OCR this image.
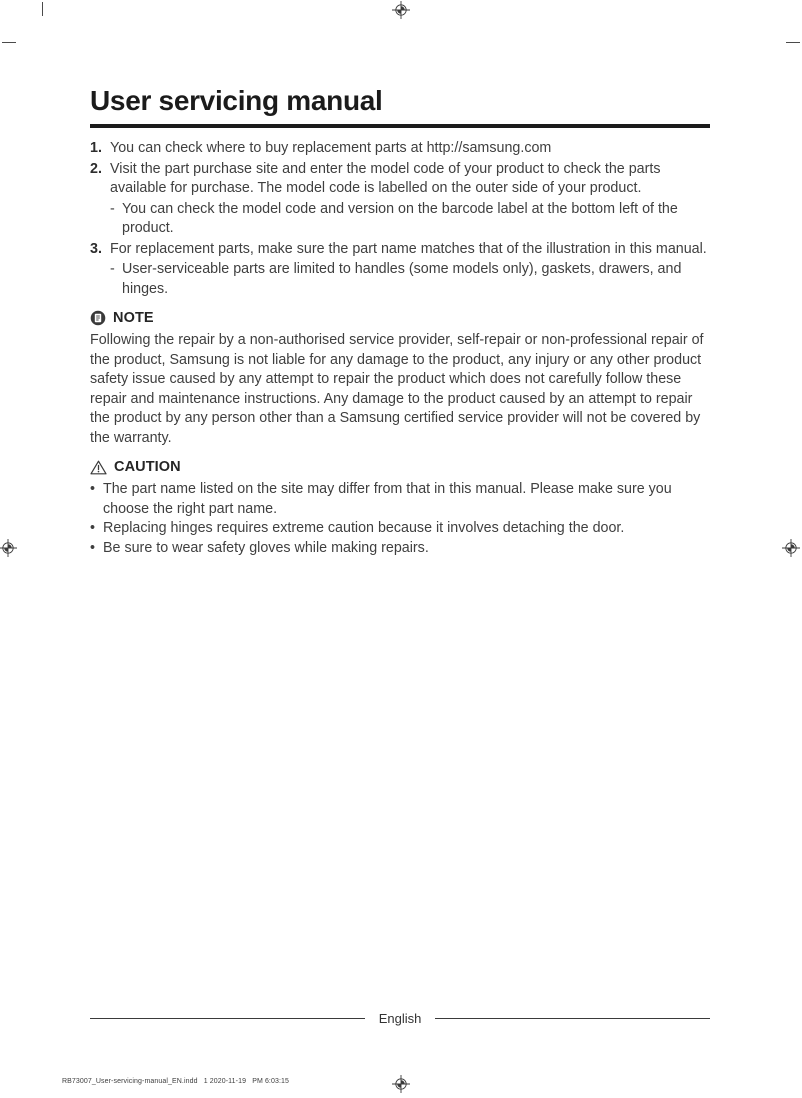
User servicing manual
1. You can check where to buy replacement parts at http://samsung.com
2. Visit the part purchase site and enter the model code of your product to check the parts available for purchase. The model code is labelled on the outer side of your product.
- You can check the model code and version on the barcode label at the bottom left of the product.
3. For replacement parts, make sure the part name matches that of the illustration in this manual.
- User-serviceable parts are limited to handles (some models only), gaskets, drawers, and hinges.
NOTE

Following the repair by a non-authorised service provider, self-repair or non-professional repair of the product, Samsung is not liable for any damage to the product, any injury or any other product safety issue caused by any attempt to repair the product which does not carefully follow these repair and maintenance instructions. Any damage to the product caused by an attempt to repair the product by any person other than a Samsung certified service provider will not be covered by the warranty.

CAUTION
• The part name listed on the site may differ from that in this manual. Please make sure you choose the right part name.
• Replacing hinges requires extreme caution because it involves detaching the door.
• Be sure to wear safety gloves while making repairs.
English
RB73007_User-servicing-manual_EN.indd   1 2020-11-19   PM 6:03:15
